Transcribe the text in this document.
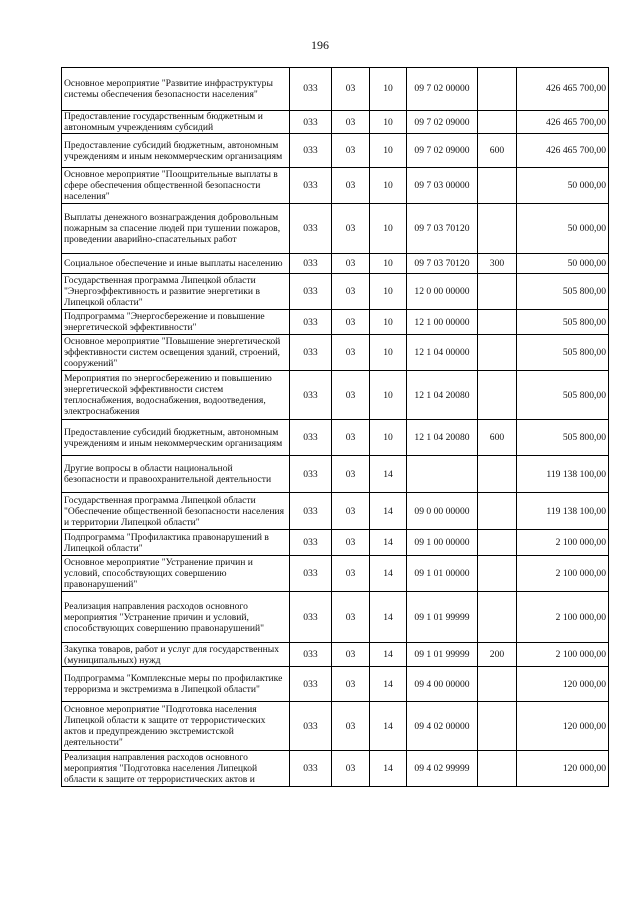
196
Основное мероприятие "Развитие инфраструктуры системы обеспечения безопасности населения"	033	03	10	09 7 02 00000		426 465 700,00
Предоставление государственным бюджетным и автономным учреждениям субсидий	033	03	10	09 7 02 09000		426 465 700,00
Предоставление субсидий бюджетным, автономным учреждениям и иным некоммерческим организациям	033	03	10	09 7 02 09000	600	426 465 700,00
Основное мероприятие "Поощрительные выплаты в сфере обеспечения общественной безопасности населения"	033	03	10	09 7 03 00000		50 000,00
Выплаты денежного вознаграждения добровольным пожарным за спасение людей при тушении пожаров, проведении аварийно-спасательных работ	033	03	10	09 7 03 70120		50 000,00
Социальное обеспечение и иные выплаты населению	033	03	10	09 7 03 70120	300	50 000,00
Государственная программа Липецкой области "Энергоэффективность и развитие энергетики в Липецкой области"	033	03	10	12 0 00 00000		505 800,00
Подпрограмма "Энергосбережение и повышение энергетической эффективности"	033	03	10	12 1 00 00000		505 800,00
Основное мероприятие "Повышение энергетической эффективности систем освещения зданий, строений, сооружений"	033	03	10	12 1 04 00000		505 800,00
Мероприятия по энергосбережению и повышению энергетической эффективности систем теплоснабжения, водоснабжения, водоотведения, электроснабжения	033	03	10	12 1 04 20080		505 800,00
Предоставление субсидий бюджетным, автономным учреждениям и иным некоммерческим организациям	033	03	10	12 1 04 20080	600	505 800,00
Другие вопросы в области национальной безопасности и правоохранительной деятельности	033	03	14			119 138 100,00
Государственная программа Липецкой области "Обеспечение общественной безопасности населения и территории Липецкой области"	033	03	14	09 0 00 00000		119 138 100,00
Подпрограмма "Профилактика правонарушений в Липецкой области"	033	03	14	09 1 00 00000		2 100 000,00
Основное мероприятие "Устранение причин и условий, способствующих совершению правонарушений"	033	03	14	09 1 01 00000		2 100 000,00
Реализация направления расходов основного мероприятия "Устранение причин и условий, способствующих совершению правонарушений"	033	03	14	09 1 01 99999		2 100 000,00
Закупка товаров, работ и услуг для государственных (муниципальных) нужд	033	03	14	09 1 01 99999	200	2 100 000,00
Подпрограмма "Комплексные меры по профилактике терроризма и экстремизма в Липецкой области"	033	03	14	09 4 00 00000		120 000,00
Основное мероприятие "Подготовка населения Липецкой области к защите от террористических актов и предупреждению экстремистской деятельности"	033	03	14	09 4 02 00000		120 000,00
Реализация направления расходов основного мероприятия "Подготовка населения Липецкой области к защите от террористических актов и	033	03	14	09 4 02 99999		120 000,00
